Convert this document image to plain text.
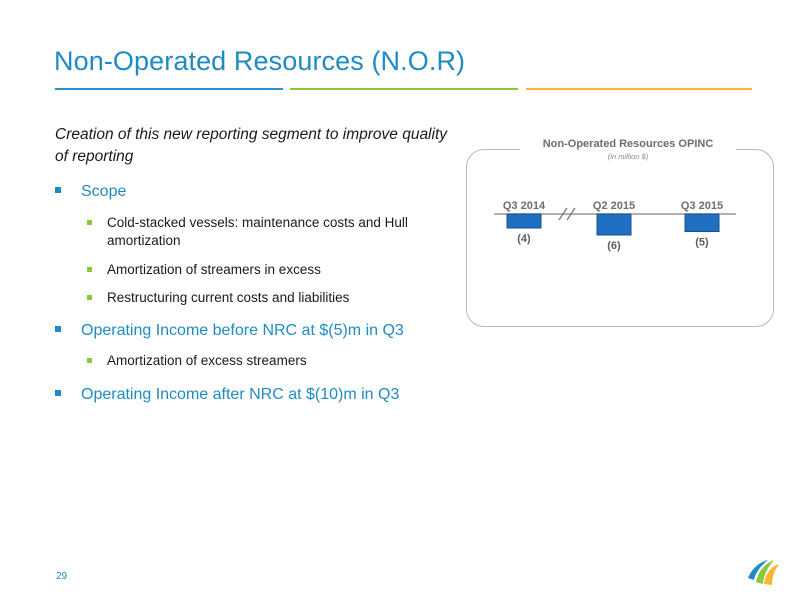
Non-Operated Resources (N.O.R)
Creation of this new reporting segment to improve quality of reporting
Scope
Cold-stacked vessels: maintenance costs and Hull amortization
Amortization of streamers in excess
Restructuring current costs and liabilities
Operating Income before NRC at $(5)m in Q3
Amortization of excess streamers
Operating Income after NRC at $(10)m in Q3
Non-Operated Resources OPINC
(in million $)
Q3 2014	Q2 2015	Q3 2015
(4)
(6)	(5)
29
